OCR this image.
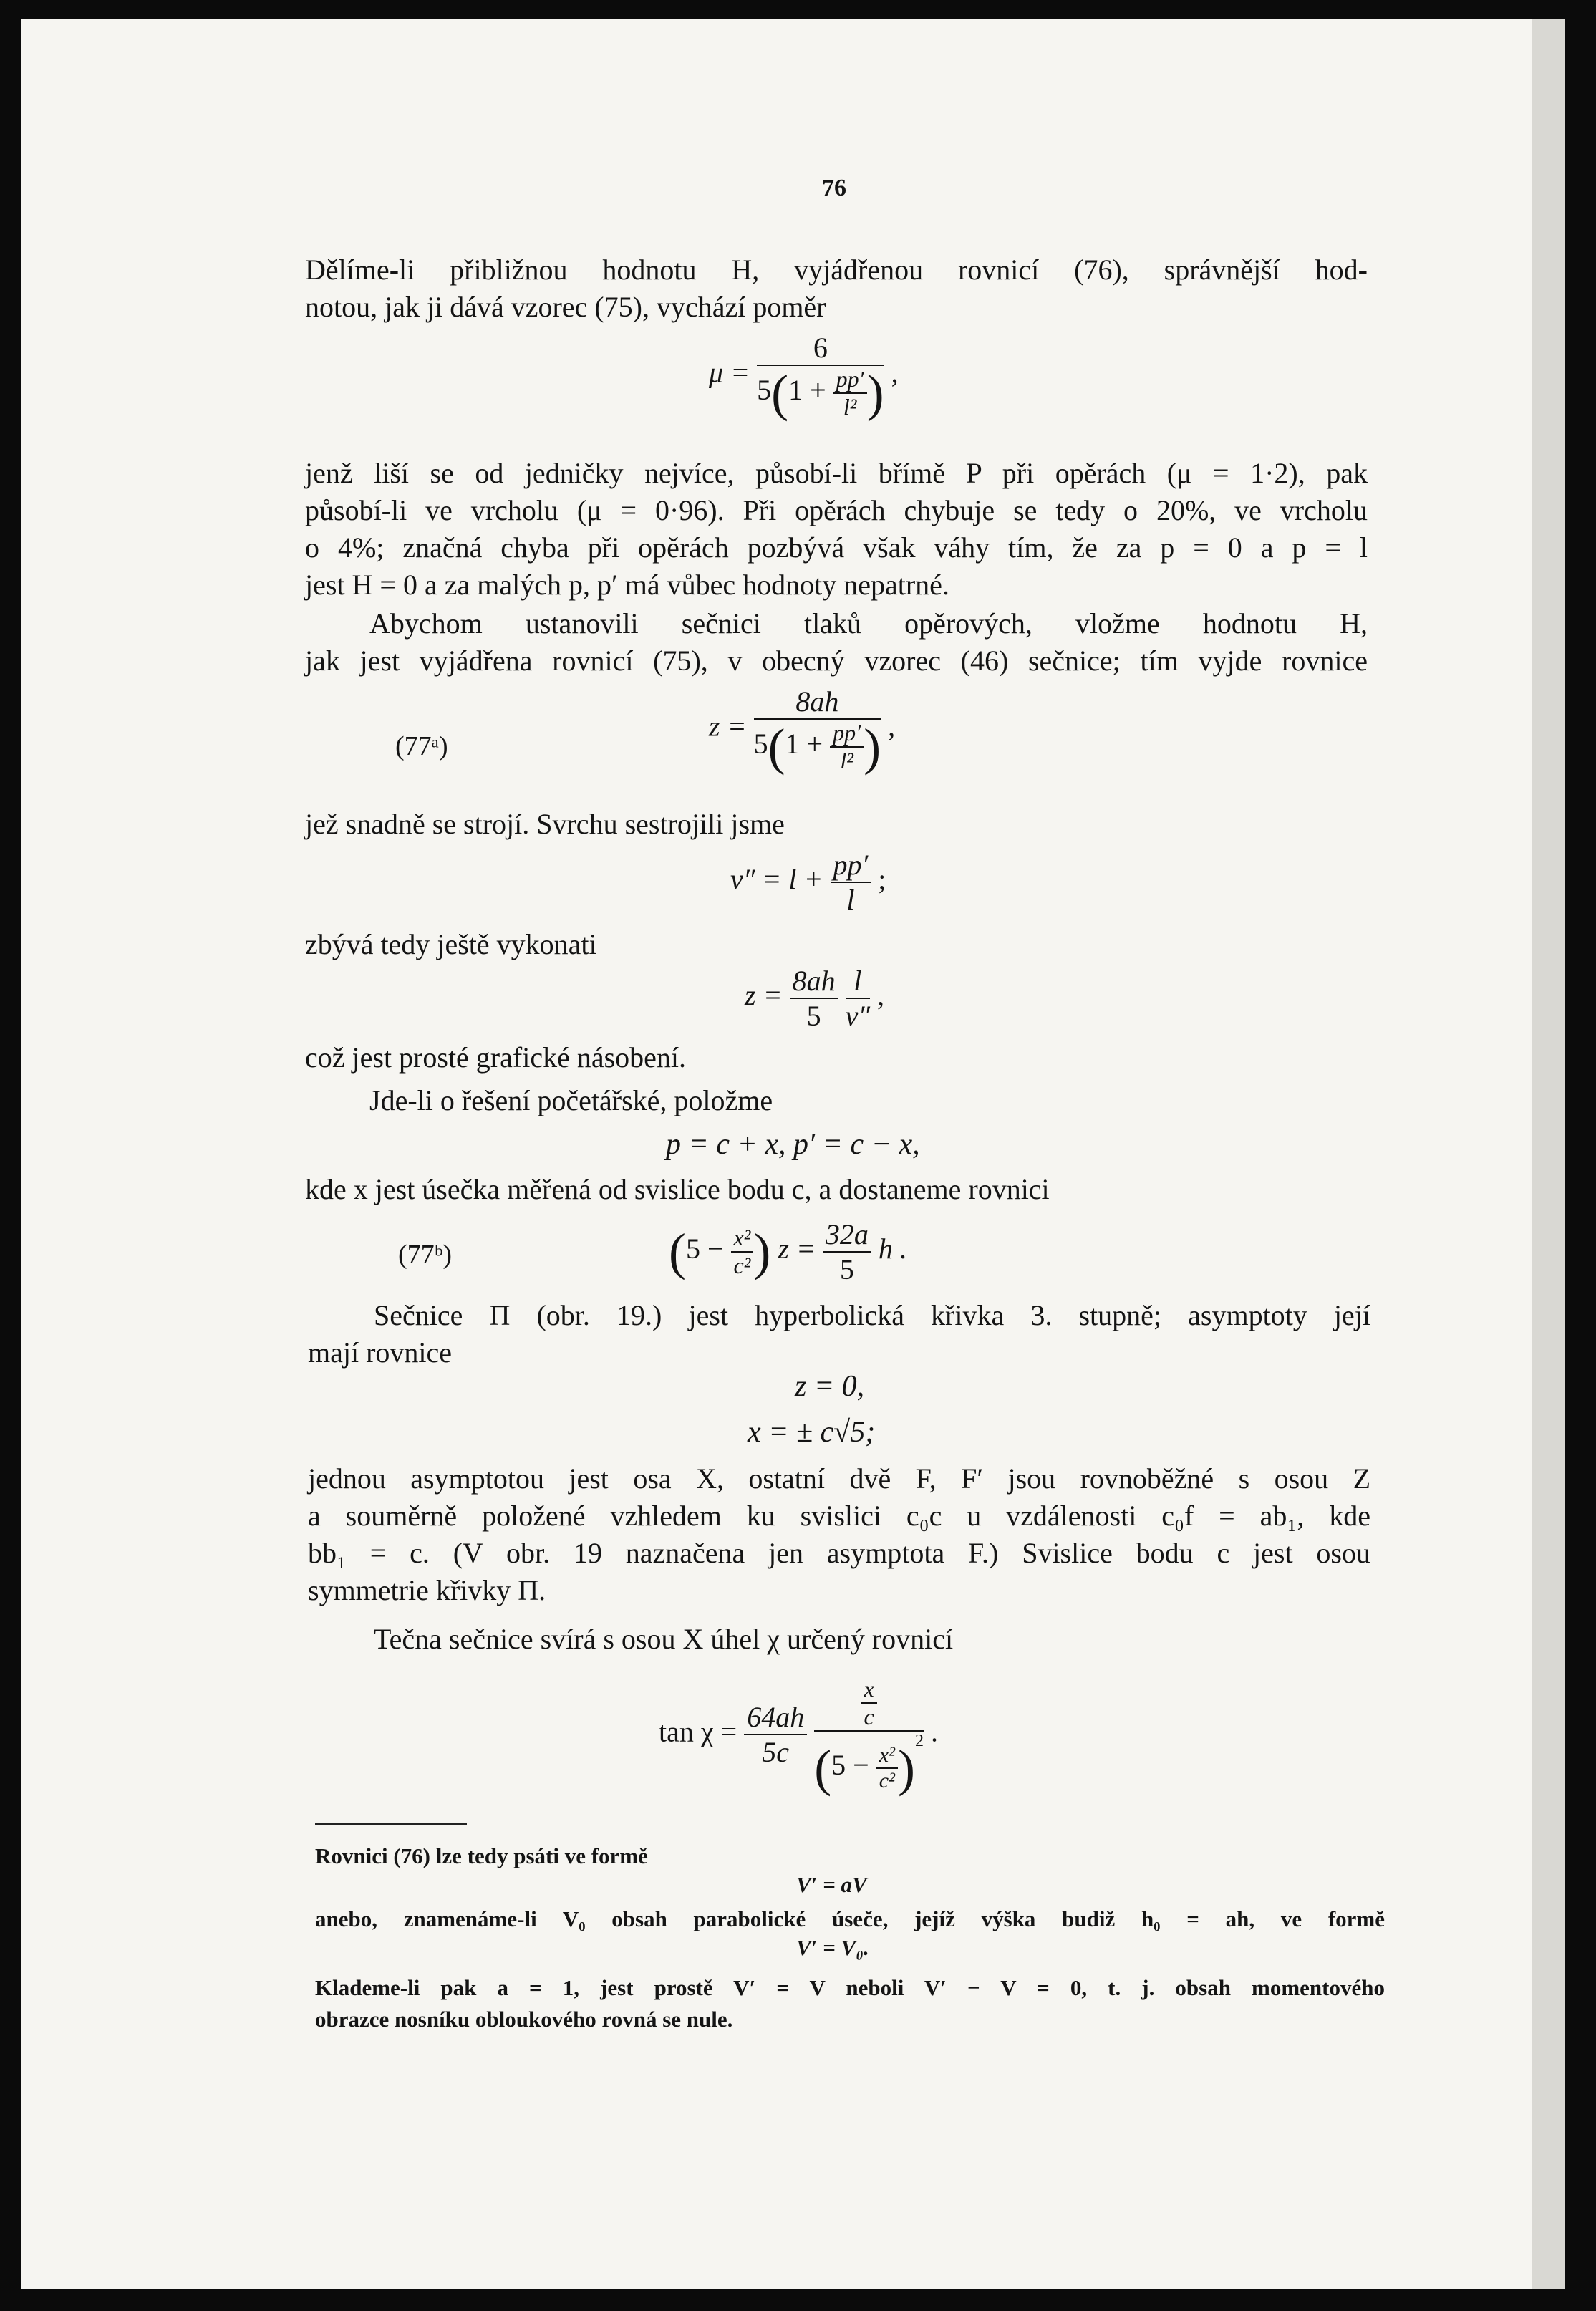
76
Dělíme-li přibližnou hodnotu H, vyjádřenou rovnicí (76), správnější hod-
notou, jak ji dává vzorec (75), vychází poměr
$\mu = \frac{6}{5(1 + \frac{pp'}{\text{l²}} )}$ ,
jenž liší se od jedničky nejvíce, působí-li břímě P při opěrách (μ = 1·2), pak
působí-li ve vrcholu (μ = 0·96). Při opěrách chybuje se tedy o 20%, ve vrcholu
o 4%; značná chyba při opěrách pozbývá však váhy tím, že za p = 0 a p = l
jest H = 0 a za malých p, p′ má vůbec hodnoty nepatrné.
Abychom ustanovili sečnici tlaků opěrových, vložme hodnotu H,
jak jest vyjádřena rovnicí (75), v obecný vzorec (46) sečnice; tím vyjde rovnice
(77ᵃ)
$z = \frac{8ah}{5(1 + \frac{pp'}{\text{l²}} )}$ ,
jež snadně se strojí. Svrchu sestrojili jsme
$v'' = l + \frac{pp'}{l}$ ;
zbývá tedy ještě vykonati
$z = \frac{8ah}{5}$
$\frac{l}{v''}$ ,
což jest prosté grafické násobení.
Jde-li o řešení početářské, položme
p = c + x, p′ = c − x,
kde x jest úsečka měřená od svislice bodu c, a dostaneme rovnici
(77ᵇ)	($5 - \frac{\text{x²}}{\text{c²}}$ ) $z = \frac{32a}{5}$ h .
Sečnice Π (obr. 19.) jest hyperbolická křivka 3. stupně; asymptoty její
mají rovnice
z = 0,
x = ± c√5;
jednou asymptotou jest osa X, ostatní dvě F, F′ jsou rovnoběžné s osou Z
a souměrně položené vzhledem ku svislici c₀c u vzdálenosti c₀f = ab₁, kde
bb₁ = c. (V obr. 19 naznačena jen asymptota F.) Svislice bodu c jest osou
symmetrie křivky Π.
Tečna sečnice svírá s osou X úhel χ určený rovnicí
$\tan \chi = \frac{64ah}{5c}$
$\frac{\frac{x}{c}}{(5 - \frac{\text{x²}}{\text{c²}} )^2}$ .
Rovnici (76) lze tedy psáti ve formě
V′ = aV
anebo, znamenáme-li V₀ obsah parabolické úseče, jejíž výška budiž h₀ = ah, ve formě
V′ = V₀.
Klademe-li pak a = 1, jest prostě V′ = V neboli V′ − V = 0, t. j. obsah momentového
obrazce nosníku obloukového rovná se nule.
